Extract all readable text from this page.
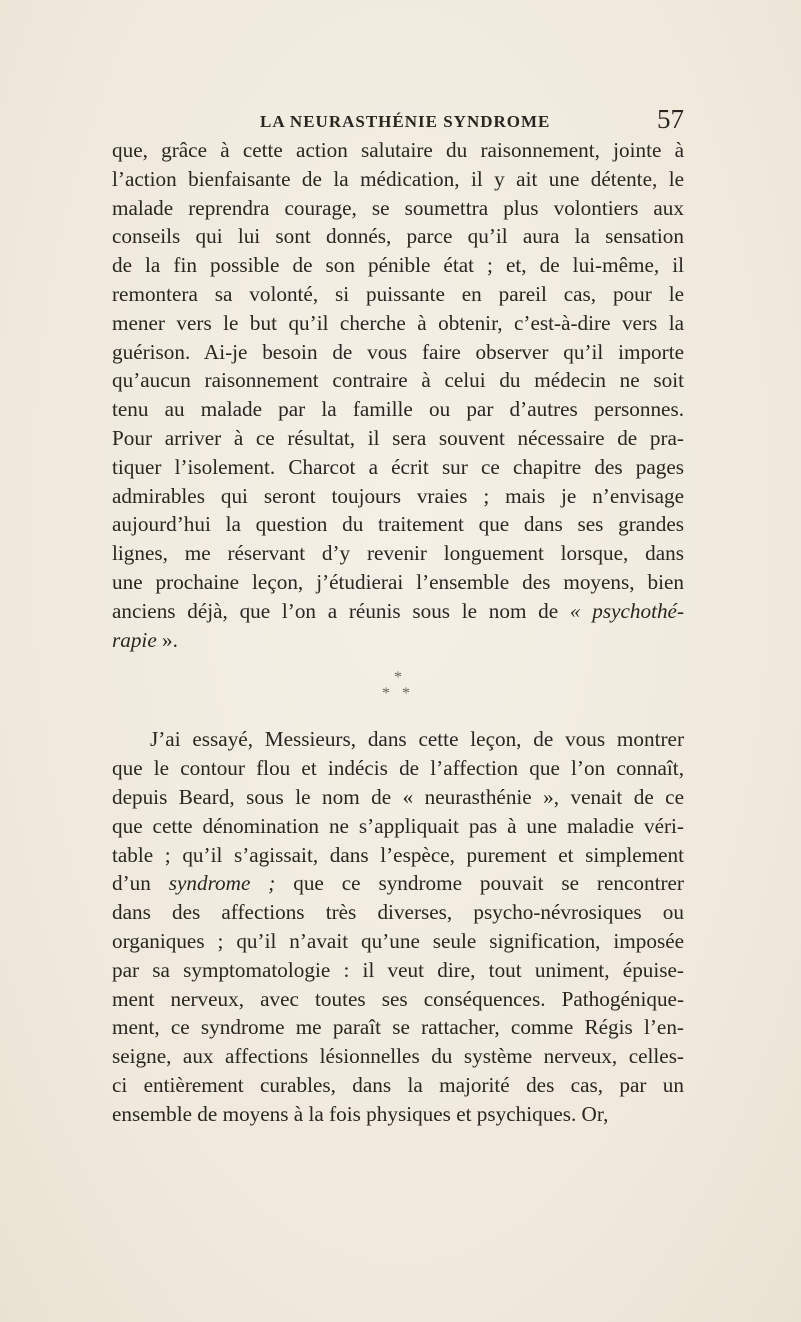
LA NEURASTHÉNIE SYNDROME	57
que, grâce à cette action salutaire du raisonnement, jointe à
l’action bienfaisante de la médication, il y ait une détente, le
malade reprendra courage, se soumettra plus volontiers aux
conseils qui lui sont donnés, parce qu’il aura la sensation
de la fin possible de son pénible état ; et, de lui-même, il
remontera sa volonté, si puissante en pareil cas, pour le
mener vers le but qu’il cherche à obtenir, c’est-à-dire vers la
guérison. Ai-je besoin de vous faire observer qu’il importe
qu’aucun raisonnement contraire à celui du médecin ne soit
tenu au malade par la famille ou par d’autres personnes.
Pour arriver à ce résultat, il sera souvent nécessaire de pra-
tiquer l’isolement. Charcot a écrit sur ce chapitre des pages
admirables qui seront toujours vraies ; mais je n’envisage
aujourd’hui la question du traitement que dans ses grandes
lignes, me réservant d’y revenir longuement lorsque, dans
une prochaine leçon, j’étudierai l’ensemble des moyens, bien
anciens déjà, que l’on a réunis sous le nom de « psychothé-
rapie ».
*
* *
J’ai essayé, Messieurs, dans cette leçon, de vous montrer
que le contour flou et indécis de l’affection que l’on connaît,
depuis Beard, sous le nom de « neurasthénie », venait de ce
que cette dénomination ne s’appliquait pas à une maladie véri-
table ; qu’il s’agissait, dans l’espèce, purement et simplement
d’un syndrome ; que ce syndrome pouvait se rencontrer
dans des affections très diverses, psycho-névrosiques ou
organiques ; qu’il n’avait qu’une seule signification, imposée
par sa symptomatologie : il veut dire, tout uniment, épuise-
ment nerveux, avec toutes ses conséquences. Pathogénique-
ment, ce syndrome me paraît se rattacher, comme Régis l’en-
seigne, aux affections lésionnelles du système nerveux, celles-
ci entièrement curables, dans la majorité des cas, par un
ensemble de moyens à la fois physiques et psychiques. Or,
